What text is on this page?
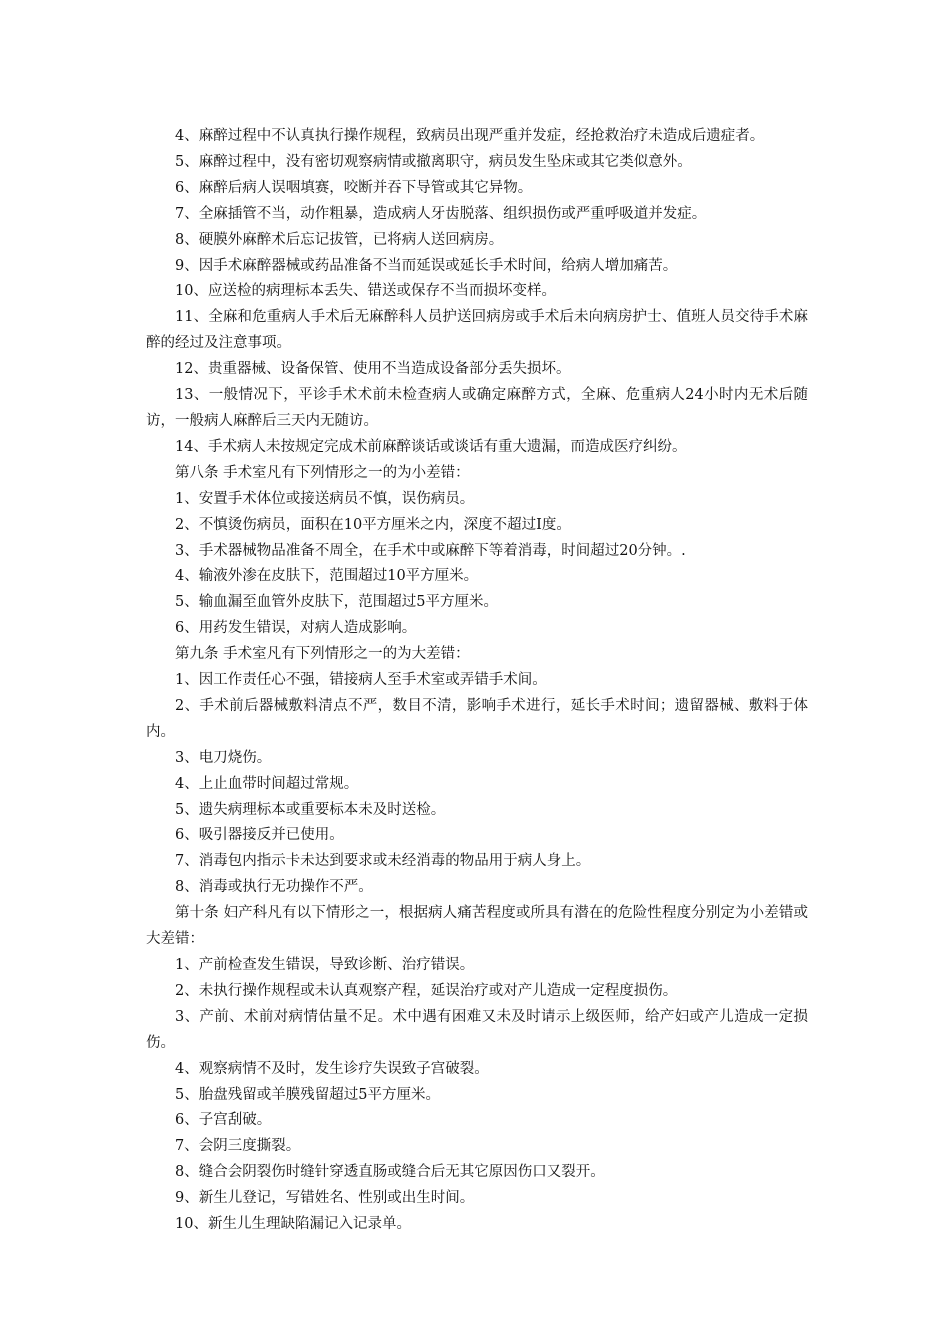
4、麻醉过程中不认真执行操作规程，致病员出现严重并发症，经抢救治疗未造成后遗症者。

5、麻醉过程中，没有密切观察病情或撤离职守，病员发生坠床或其它类似意外。

6、麻醉后病人误咽填赛，咬断并吞下导管或其它异物。

7、全麻插管不当，动作粗暴，造成病人牙齿脱落、组织损伤或严重呼吸道并发症。

8、硬膜外麻醉术后忘记拔管，已将病人送回病房。

9、因手术麻醉器械或药品准备不当而延误或延长手术时间，给病人增加痛苦。

10、应送检的病理标本丢失、错送或保存不当而损坏变样。

11、全麻和危重病人手术后无麻醉科人员护送回病房或手术后未向病房护士、值班人员交待手术麻醉的经过及注意事项。

12、贵重器械、设备保管、使用不当造成设备部分丢失损坏。

13、一般情况下，平诊手术术前未检查病人或确定麻醉方式，全麻、危重病人24小时内无术后随访，一般病人麻醉后三天内无随访。

14、手术病人未按规定完成术前麻醉谈话或谈话有重大遗漏，而造成医疗纠纷。

第八条 手术室凡有下列情形之一的为小差错：

1、安置手术体位或接送病员不慎，误伤病员。

2、不慎烫伤病员，面积在10平方厘米之内，深度不超过I度。

3、手术器械物品准备不周全，在手术中或麻醉下等着消毒，时间超过20分钟。.

4、输液外渗在皮肤下，范围超过10平方厘米。

5、输血漏至血管外皮肤下，范围超过5平方厘米。

6、用药发生错误，对病人造成影响。

第九条 手术室凡有下列情形之一的为大差错：

1、因工作责任心不强，错接病人至手术室或弄错手术间。

2、手术前后器械敷料清点不严，数目不清，影响手术进行，延长手术时间；遗留器械、敷料于体内。

3、电刀烧伤。

4、上止血带时间超过常规。

5、遗失病理标本或重要标本未及时送检。

6、吸引器接反并已使用。

7、消毒包内指示卡未达到要求或未经消毒的物品用于病人身上。

8、消毒或执行无功操作不严。

第十条 妇产科凡有以下情形之一，根据病人痛苦程度或所具有潜在的危险性程度分别定为小差错或大差错：

1、产前检查发生错误，导致诊断、治疗错误。

2、未执行操作规程或未认真观察产程，延误治疗或对产儿造成一定程度损伤。

3、产前、术前对病情估量不足。术中遇有困难又未及时请示上级医师，给产妇或产儿造成一定损伤。

4、观察病情不及时，发生诊疗失误致子宫破裂。

5、胎盘残留或羊膜残留超过5平方厘米。

6、子宫刮破。

7、会阴三度撕裂。

8、缝合会阴裂伤时缝针穿透直肠或缝合后无其它原因伤口又裂开。

9、新生儿登记，写错姓名、性别或出生时间。

10、新生儿生理缺陷漏记入记录单。
